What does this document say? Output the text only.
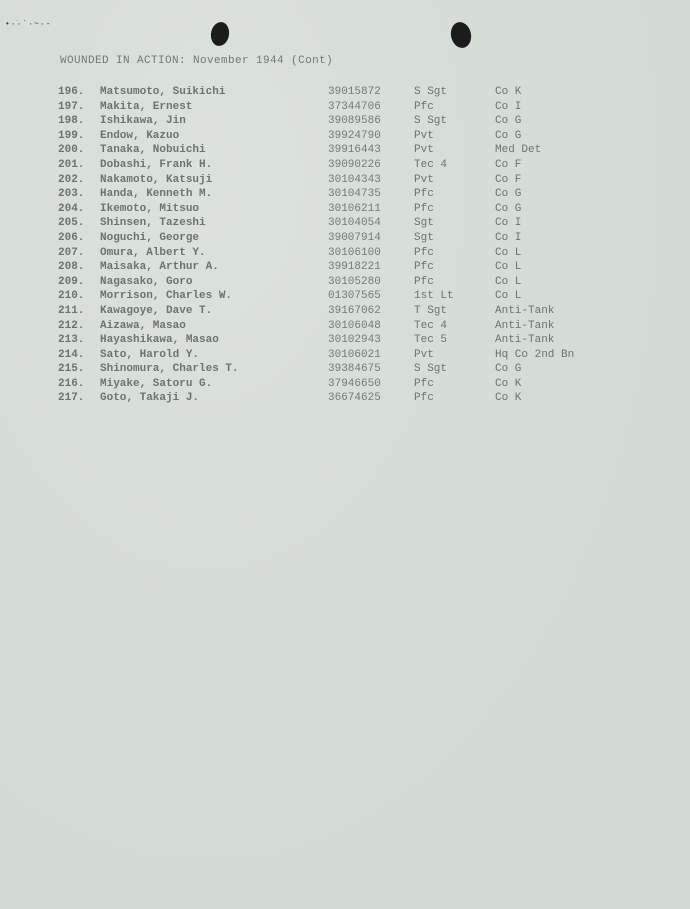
•·͘·`·~·-
WOUNDED IN ACTION: November 1944 (Cont)
196. Matsumoto, Suikichi	39015872	S Sgt	Co K
197. Makita, Ernest	37344706	Pfc	Co I
198. Ishikawa, Jin	39089586	S Sgt	Co G
199. Endow, Kazuo	39924790	Pvt	Co G
200. Tanaka, Nobuichi	39916443	Pvt	Med Det
201. Dobashi, Frank H.	39090226	Tec 4	Co F
202. Nakamoto, Katsuji	30104343	Pvt	Co F
203. Handa, Kenneth M.	30104735	Pfc	Co G
204. Ikemoto, Mitsuo	30106211	Pfc	Co G
205. Shinsen, Tazeshi	30104054	Sgt	Co I
206. Noguchi, George	39007914	Sgt	Co I
207. Omura, Albert Y.	30106100	Pfc	Co L
208. Maisaka, Arthur A.	39918221	Pfc	Co L
209. Nagasako, Goro	30105280	Pfc	Co L
210. Morrison, Charles W.	01307565	1st Lt	Co L
211. Kawagoye, Dave T.	39167062	T Sgt	Anti-Tank
212. Aizawa, Masao	30106048	Tec 4	Anti-Tank
213. Hayashikawa, Masao	30102943	Tec 5	Anti-Tank
214. Sato, Harold Y.	30106021	Pvt	Hq Co 2nd Bn
215. Shinomura, Charles T.	39384675	S Sgt	Co G
216. Miyake, Satoru G.	37946650	Pfc	Co K
217. Goto, Takaji J.	36674625	Pfc	Co K
